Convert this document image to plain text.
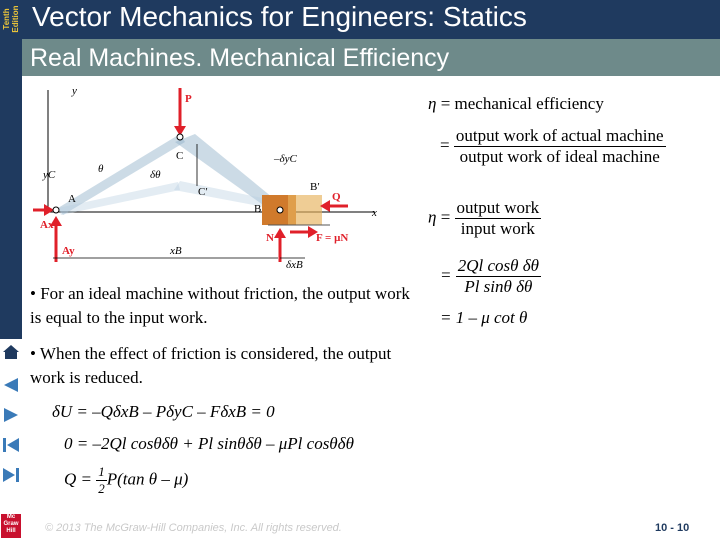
Tenth
Edition
Mc
Graw
Hill
Vector Mechanics for Engineers: Statics
Real Machines. Mechanical Efficiency
y
P
C
yC	θ	δθ
–δyC
A
Ax
Ay
B
B′
C′	Q
x
N	F = μN
xB
δxB
η = mechanical efficiency
= $\frac{\text{output work of actual machine}}{\text{output work of ideal machine}}$
$\eta = \frac{\text{output work}}{\text{input work}}$
= $\frac{\text{2Ql cosθ δθ}}{\text{Pl sinθ δθ}}$
= 1 – μ cot θ
• For an ideal machine without friction, the output work is equal to the input work.
• When the effect of friction is considered, the output work is reduced.
δU = –QδxB – PδyC – FδxB = 0
0 = –2Ql cosθδθ + Pl sinθδθ – μPl cosθδθ
$Q = \frac{1}{2} P(\tan$ θ – μ)
© 2013 The McGraw-Hill Companies, Inc. All rights reserved.	10 - 10
